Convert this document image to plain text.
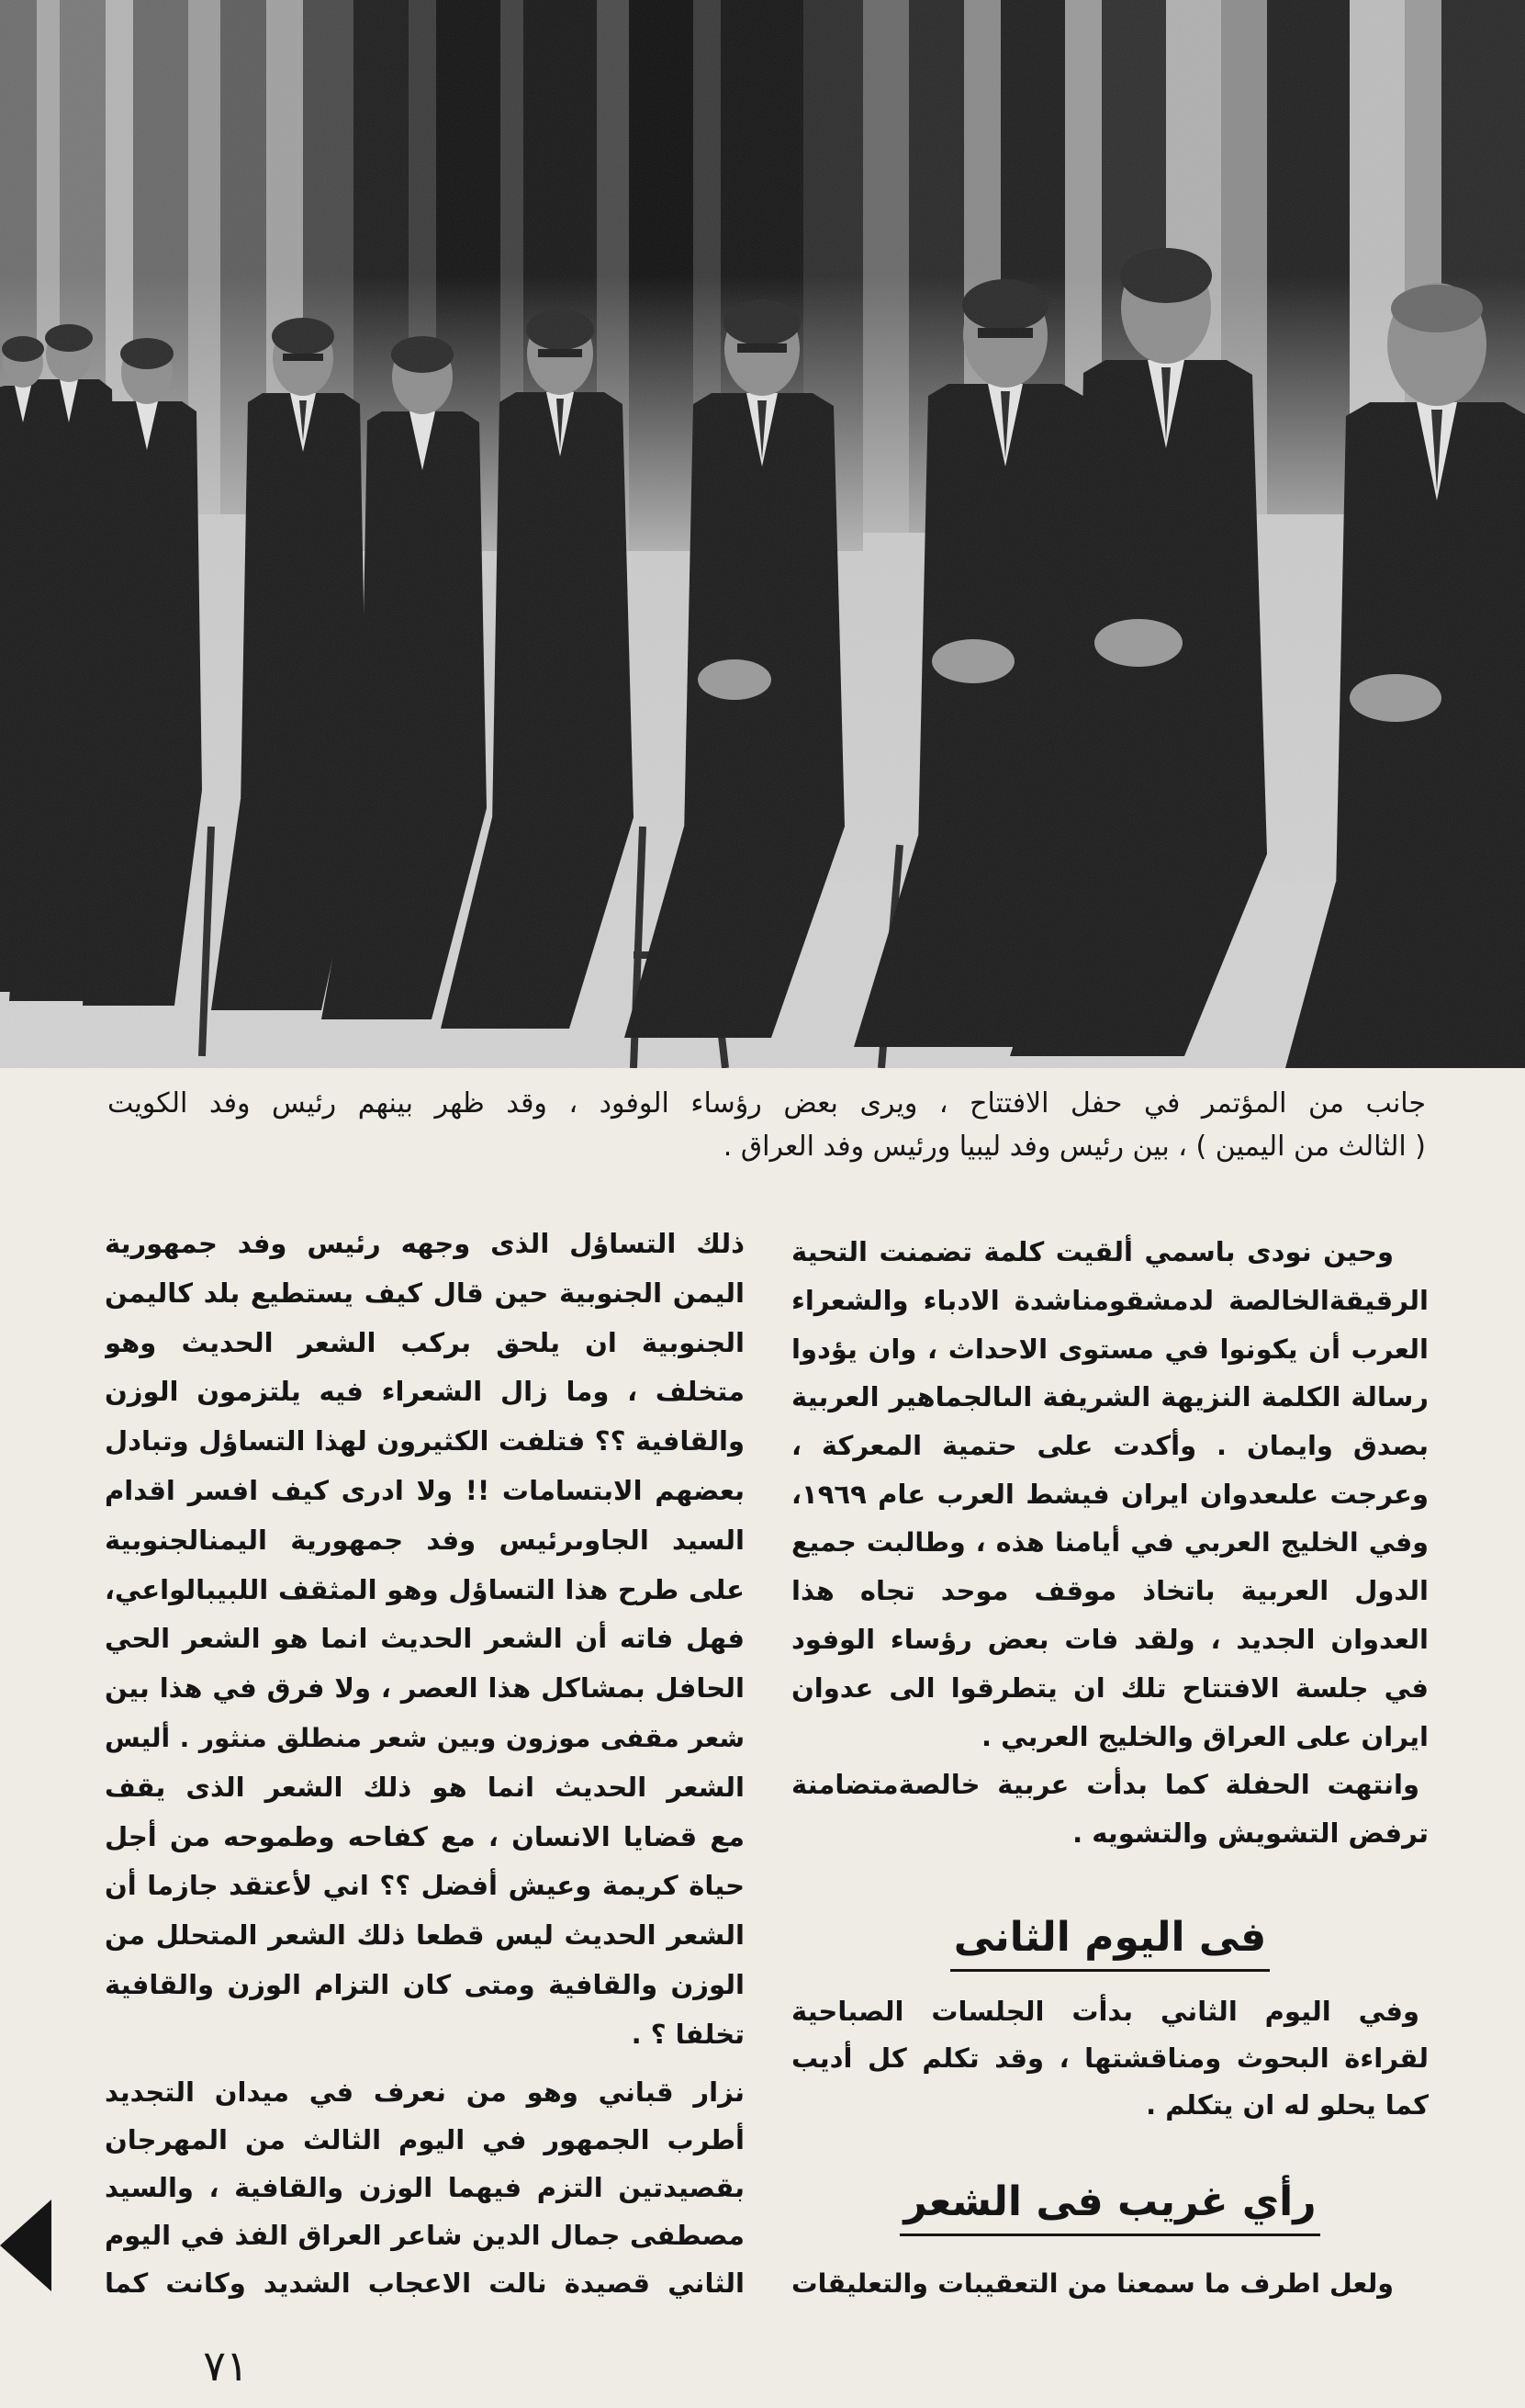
جانب من المؤتمر في حفل الافتتاح ، ويرى بعض رؤساء الوفود ، وقد ظهر بينهم رئيس وفد الكويت
( الثالث من اليمين ) ، بين رئيس وفد ليبيا ورئيس وفد العراق .
وحين نودى باسمي ألقيت كلمة تضمنت التحية
الرقيقةالخالصة لدمشقومناشدة الادباء والشعراء
العرب أن يكونوا في مستوى الاحداث ، وان يؤدوا
رسالة الكلمة النزيهة الشريفة الىالجماهير العربية
بصدق وايمان . وأكدت على حتمية المعركة ،
وعرجت علىعدوان ايران فيشط العرب عام ١٩٦٩،
وفي الخليج العربي في أيامنا هذه ، وطالبت جميع
الدول العربية باتخاذ موقف موحد تجاه هذا
العدوان الجديد ، ولقد فات بعض رؤساء الوفود
في جلسة الافتتاح تلك ان يتطرقوا الى عدوان
ايران على العراق والخليج العربي .
وانتهت الحفلة كما بدأت عربية خالصةمتضامنة
ترفض التشويش والتشويه .
فى اليوم الثانى
وفي اليوم الثاني بدأت الجلسات الصباحية
لقراءة البحوث ومناقشتها ، وقد تكلم كل أديب
كما يحلو له ان يتكلم .
رأي غريب فى الشعر
ولعل اطرف ما سمعنا من التعقيبات والتعليقات
ذلك التساؤل الذى وجهه رئيس وفد جمهورية
اليمن الجنوبية حين قال كيف يستطيع بلد كاليمن
الجنوبية ان يلحق بركب الشعر الحديث وهو
متخلف ، وما زال الشعراء فيه يلتزمون الوزن
والقافية ؟؟ فتلفت الكثيرون لهذا التساؤل وتبادل
بعضهم الابتسامات !! ولا ادرى كيف افسر اقدام
السيد الجاوىرئيس وفد جمهورية اليمنالجنوبية
على طرح هذا التساؤل وهو المثقف اللبيبالواعي،
فهل فاته أن الشعر الحديث انما هو الشعر الحي
الحافل بمشاكل هذا العصر ، ولا فرق في هذا بين
شعر مقفى موزون وبين شعر منطلق منثور . أليس
الشعر الحديث انما هو ذلك الشعر الذى يقف
مع قضايا الانسان ، مع كفاحه وطموحه من أجل
حياة كريمة وعيش أفضل ؟؟ اني لأعتقد جازما أن
الشعر الحديث ليس قطعا ذلك الشعر المتحلل من
الوزن والقافية ومتى كان التزام الوزن والقافية
تخلفا ؟ .
نزار قباني وهو من نعرف في ميدان التجديد
أطرب الجمهور في اليوم الثالث من المهرجان
بقصيدتين التزم فيهما الوزن والقافية ، والسيد
مصطفى جمال الدين شاعر العراق الفذ في اليوم
الثاني قصيدة نالت الاعجاب الشديد وكانت كما
٧١
